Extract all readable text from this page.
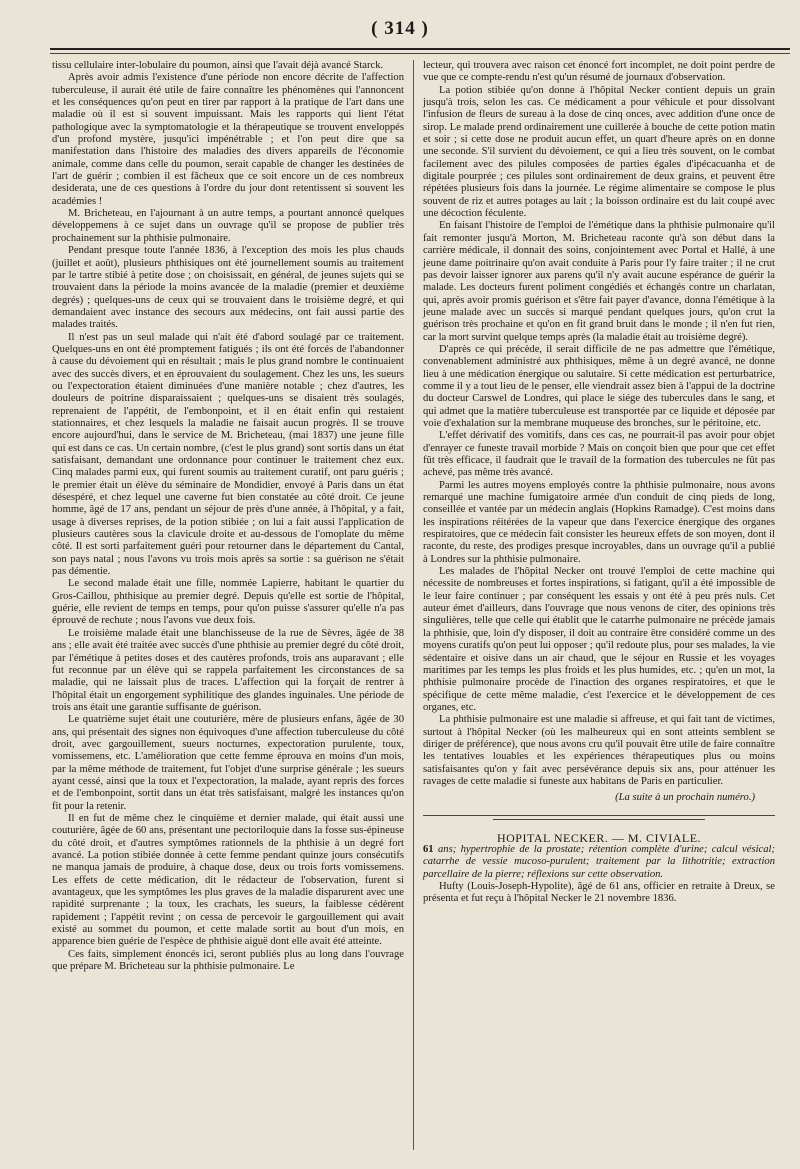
( 314 )

tissu cellulaire inter-lobulaire du poumon, ainsi que l'avait déjà avancé Starck.

Après avoir admis l'existence d'une période non encore décrite de l'affection tuberculeuse, il aurait été utile de faire connaître les phénomènes qui l'annoncent et les conséquences qu'on peut en tirer par rapport à la pratique de l'art dans une maladie où il est si souvent impuissant. Mais les rapports qui lient l'état pathologique avec la symptomatologie et la thérapeutique se trouvent enveloppés d'un profond mystère, jusqu'ici impénétrable ; et l'on peut dire que sa manifestation dans l'histoire des maladies des divers appareils de l'économie animale, comme dans celle du poumon, serait capable de changer les destinées de l'art de guérir ; combien il est fâcheux que ce soit encore un de ces nombreux desiderata, une de ces questions à l'ordre du jour dont retentissent si souvent les académies !

M. Bricheteau, en l'ajournant à un autre temps, a pourtant annoncé quelques développemens à ce sujet dans un ouvrage qu'il se propose de publier très prochainement sur la phthisie pulmonaire.

Pendant presque toute l'année 1836, à l'exception des mois les plus chauds (juillet et août), plusieurs phthisiques ont été journellement soumis au traitement par le tartre stibié à petite dose ; on choisissait, en général, de jeunes sujets qui se trouvaient dans la période la moins avancée de la maladie (premier et deuxième degrés) ; quelques-uns de ceux qui se trouvaient dans le troisième degré, et qui demandaient avec instance des secours aux médecins, ont fait aussi partie des malades traités.

Il n'est pas un seul malade qui n'ait été d'abord soulagé par ce traitement. Quelques-uns en ont été promptement fatigués ; ils ont été forcés de l'abandonner à cause du dévoiement qui en résultait ; mais le plus grand nombre le continuaient avec des succès divers, et en éprouvaient du soulagement. Chez les uns, les sueurs ou l'expectoration étaient diminuées d'une manière notable ; chez d'autres, les douleurs de poitrine disparaissaient ; quelques-uns se disaient très soulagés, reprenaient de l'appétit, de l'embonpoint, et il en était enfin qui restaient stationnaires, et chez lesquels la maladie ne faisait aucun progrès. Il se trouve encore aujourd'hui, dans le service de M. Bricheteau, (mai 1837) une jeune fille qui est dans ce cas. Un certain nombre, (c'est le plus grand) sont sortis dans un état satisfaisant, demandant une ordonnance pour continuer le traitement chez eux. Cinq malades parmi eux, qui furent soumis au traitement curatif, ont paru guéris ; le premier était un élève du séminaire de Mondidier, envoyé à Paris dans un état désespéré, et chez lequel une caverne fut bien constatée au côté droit. Ce jeune homme, âgé de 17 ans, pendant un séjour de près d'une année, à l'hôpital, y a fait, usage à diverses reprises, de la potion stibiée ; on lui a fait aussi l'application de plusieurs cautères sous la clavicule droite et au-dessous de l'omoplate du même côté. Il est sorti parfaitement guéri pour retourner dans le département du Cantal, son pays natal ; nous l'avons vu trois mois après sa sortie : sa guérison ne s'était pas démentie.

Le second malade était une fille, nommée Lapierre, habitant le quartier du Gros-Caillou, phthisique au premier degré. Depuis qu'elle est sortie de l'hôpital, guérie, elle revient de temps en temps, pour qu'on puisse s'assurer qu'elle n'a pas éprouvé de rechute ; nous l'avons vue deux fois.

Le troisième malade était une blanchisseuse de la rue de Sèvres, âgée de 38 ans ; elle avait été traitée avec succès d'une phthisie au premier degré du côté droit, par l'émétique à petites doses et des cautères profonds, trois ans auparavant ; elle fut reconnue par un élève qui se rappela parfaitement les circonstances de sa maladie, qui ne laissait plus de traces. L'affection qui la forçait de rentrer à l'hôpital était un engorgement syphilitique des glandes inguinales. Une période de trois ans était une garantie suffisante de guérison.

Le quatrième sujet était une couturière, mère de plusieurs enfans, âgée de 30 ans, qui présentait des signes non équivoques d'une affection tuberculeuse du côté droit, avec gargouillement, sueurs nocturnes, expectoration purulente, toux, vomissemens, etc. L'amélioration que cette femme éprouva en moins d'un mois, par la même méthode de traitement, fut l'objet d'une surprise générale ; les sueurs ayant cessé, ainsi que la toux et l'expectoration, la malade, ayant repris des forces et de l'embonpoint, sortit dans un état très satisfaisant, malgré les instances qu'on fit pour la retenir.

Il en fut de même chez le cinquième et dernier malade, qui était aussi une couturière, âgée de 60 ans, présentant une pectoriloquie dans la fosse sus-épineuse du côté droit, et d'autres symptômes rationnels de la phthisie à un degré fort avancé. La potion stibiée donnée à cette femme pendant quinze jours consécutifs ne manqua jamais de produire, à chaque dose, deux ou trois forts vomissemens. Les effets de cette médication, dit le rédacteur de l'observation, furent si avantageux, que les symptômes les plus graves de la maladie disparurent avec une rapidité surprenante ; la toux, les crachats, les sueurs, la faiblesse cédèrent rapidement ; l'appétit revint ; on cessa de percevoir le gargouillement qui avait existé au sommet du poumon, et cette malade sortit au bout d'un mois, en apparence bien guérie de l'espèce de phthisie aiguë dont elle avait été atteinte.

Ces faits, simplement énoncés ici, seront publiés plus au long dans l'ouvrage que prépare M. Bricheteau sur la phthisie pulmonaire. Le

lecteur, qui trouvera avec raison cet énoncé fort incomplet, ne doit point perdre de vue que ce compte-rendu n'est qu'un résumé de journaux d'observation.

La potion stibiée qu'on donne à l'hôpital Necker contient depuis un grain jusqu'à trois, selon les cas. Ce médicament a pour véhicule et pour dissolvant l'infusion de fleurs de sureau à la dose de cinq onces, avec addition d'une once de sirop. Le malade prend ordinairement une cuillerée à bouche de cette potion matin et soir ; si cette dose ne produit aucun effet, un quart d'heure après on en donne une seconde. S'il survient du dévoiement, ce qui a lieu très souvent, on le combat facilement avec des pilules composées de parties égales d'ipécacuanha et de digitale pourprée ; ces pilules sont ordinairement de deux grains, et peuvent être répétées plusieurs fois dans la journée. Le régime alimentaire se compose le plus souvent de riz et autres potages au lait ; la boisson ordinaire est du lait coupé avec une décoction féculente.

En faisant l'histoire de l'emploi de l'émétique dans la phthisie pulmonaire qu'il fait remonter jusqu'à Morton, M. Bricheteau raconte qu'à son début dans la carrière médicale, il donnait des soins, conjointement avec Portal et Hallé, à une jeune dame poitrinaire qu'on avait conduite à Paris pour l'y faire traiter ; il ne crut pas devoir laisser ignorer aux parens qu'il n'y avait aucune espérance de guérir la malade. Les docteurs furent poliment congédiés et échangés contre un charlatan, qui, après avoir promis guérison et s'être fait payer d'avance, donna l'émétique à la jeune malade avec un succès si marqué pendant quelques jours, qu'on crut la guérison très prochaine et qu'on en fit grand bruit dans le monde ; il n'en fut rien, car la mort survint quelque temps après (la maladie était au troisième degré).

D'après ce qui précède, il serait difficile de ne pas admettre que l'émétique, convenablement administré aux phthisiques, même à un degré avancé, ne donne lieu à une médication énergique ou salutaire. Si cette médication est perturbatrice, comme il y a tout lieu de le penser, elle viendrait assez bien à l'appui de la doctrine du docteur Carswel de Londres, qui place le siége des tubercules dans le sang, et qui admet que la matière tuberculeuse est transportée par ce liquide et déposée par voie d'exhalation sur la membrane muqueuse des bronches, sur le péritoine, etc.

L'effet dérivatif des vomitifs, dans ces cas, ne pourrait-il pas avoir pour objet d'enrayer ce funeste travail morbide ? Mais on conçoit bien que pour que cet effet fût très efficace, il faudrait que le travail de la formation des tubercules ne fût pas achevé, pas même très avancé.

Parmi les autres moyens employés contre la phthisie pulmonaire, nous avons remarqué une machine fumigatoire armée d'un conduit de cinq pieds de long, conseillée et vantée par un médecin anglais (Hopkins Ramadge). C'est moins dans les inspirations réitérées de la vapeur que dans l'exercice énergique des organes respiratoires, que ce médecin fait consister les heureux effets de son moyen, dont il raconte, du reste, des prodiges presque incroyables, dans un ouvrage qu'il a publié à Londres sur la phthisie pulmonaire.

Les malades de l'hôpital Necker ont trouvé l'emploi de cette machine qui nécessite de nombreuses et fortes inspirations, si fatigant, qu'il a été impossible de le leur faire continuer ; par conséquent les essais y ont été à peu près nuls. Cet auteur émet d'ailleurs, dans l'ouvrage que nous venons de citer, des opinions très singulières, telle que celle qui établit que le catarrhe pulmonaire ne précède jamais la phthisie, que, loin d'y disposer, il doit au contraire être considéré comme un des moyens curatifs qu'on peut lui opposer ; qu'il redoute plus, pour ses malades, la vie sédentaire et oisive dans un air chaud, que le séjour en Russie et les voyages maritimes par les temps les plus froids et les plus humides, etc. ; qu'en un mot, la phthisie pulmonaire procède de l'inaction des organes respiratoires, et que le spécifique de cette même maladie, c'est l'exercice et le développement de ces organes, etc.

La phthisie pulmonaire est une maladie si affreuse, et qui fait tant de victimes, surtout à l'hôpital Necker (où les malheureux qui en sont atteints semblent se diriger de préférence), que nous avons cru qu'il pouvait être utile de faire connaître les tentatives louables et les expériences thérapeutiques plus ou moins satisfaisantes qu'on y fait avec persévérance depuis six ans, pour atténuer les ravages de cette maladie si funeste aux habitans de Paris en particulier.

(La suite à un prochain numéro.)
HOPITAL NECKER. — M. CIVIALE.

61 ans; hypertrophie de la prostate; rétention complète d'urine; calcul vésical; catarrhe de vessie mucoso-purulent; traitement par la lithotritie; extraction parcellaire de la pierre; réflexions sur cette observation.

Hufty (Louis-Joseph-Hypolite), âgé de 61 ans, officier en retraite à Dreux, se présenta et fut reçu à l'hôpital Necker le 21 novembre 1836.
